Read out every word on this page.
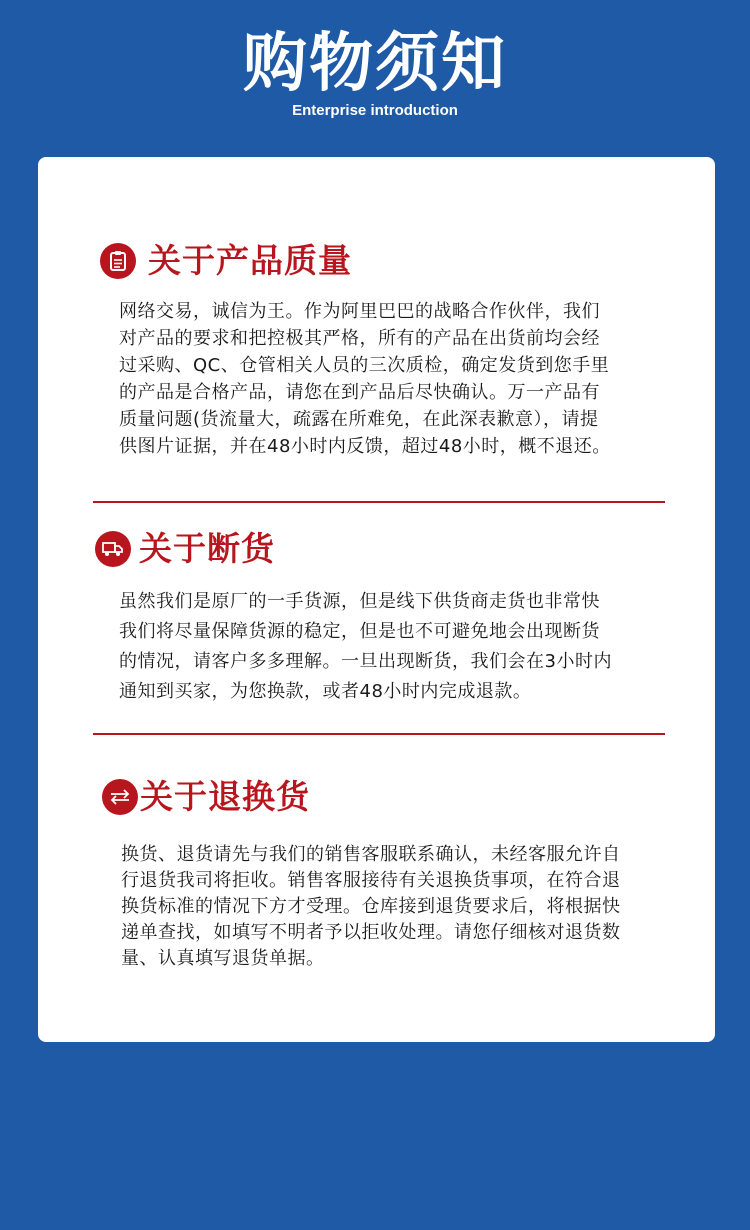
购物须知
Enterprise introduction
关于产品质量
网络交易，诚信为王。作为阿里巴巴的战略合作伙伴，我们
对产品的要求和把控极其严格，所有的产品在出货前均会经
过采购、QC、仓管相关人员的三次质检，确定发货到您手里
的产品是合格产品，请您在到产品后尽快确认。万一产品有
质量问题(货流量大，疏露在所难免，在此深表歉意），请提
供图片证据，并在48小时内反馈，超过48小时，概不退还。
关于断货
虽然我们是原厂的一手货源，但是线下供货商走货也非常快
我们将尽量保障货源的稳定，但是也不可避免地会出现断货
的情况，请客户多多理解。一旦出现断货，我们会在3小时内
通知到买家，为您换款，或者48小时内完成退款。
关于退换货
换货、退货请先与我们的销售客服联系确认，未经客服允许自
行退货我司将拒收。销售客服接待有关退换货事项，在符合退
换货标准的情况下方才受理。仓库接到退货要求后，将根据快
递单查找，如填写不明者予以拒收处理。请您仔细核对退货数
量、认真填写退货单据。
